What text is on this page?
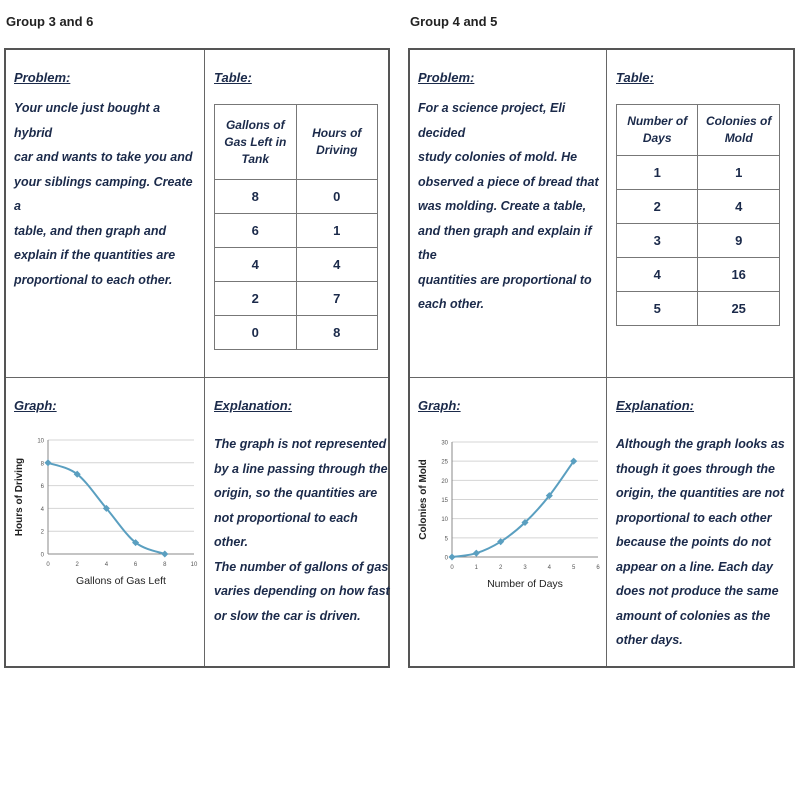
Group 3 and 6
Problem:
Your uncle just bought a hybrid
car and wants to take you and
your siblings camping. Create a
table, and then graph and
explain if the quantities are
proportional to each other.
Table:
Gallons of Gas Left in Tank	Hours of Driving
8	0
6	1
4	4
2	7
0	8
Graph:
0
2
4
6
8
10
0	2	4	6	8	10
Gallons of Gas Left
Hours of Driving
Explanation:
The graph is not represented
by a line passing through the
origin, so the quantities are
not proportional to each other.
The number of gallons of gas
varies depending on how fast
or slow the car is driven.
Group 4 and 5
Problem:
For a science project, Eli decided
study colonies of mold. He
observed a piece of bread that
was molding. Create a table,
and then graph and explain if the
quantities are proportional to
each other.
Table:
Number of Days	Colonies of Mold
1	1
2	4
3	9
4	16
5	25
Graph:
0
5
10
15
20
25
30
0	1	2	3	4	5	6
Number of Days
Colonies of Mold
Explanation:
Although the graph looks as
though it goes through the
origin, the quantities are not
proportional to each other
because the points do not
appear on a line. Each day
does not produce the same
amount of colonies as the
other days.
